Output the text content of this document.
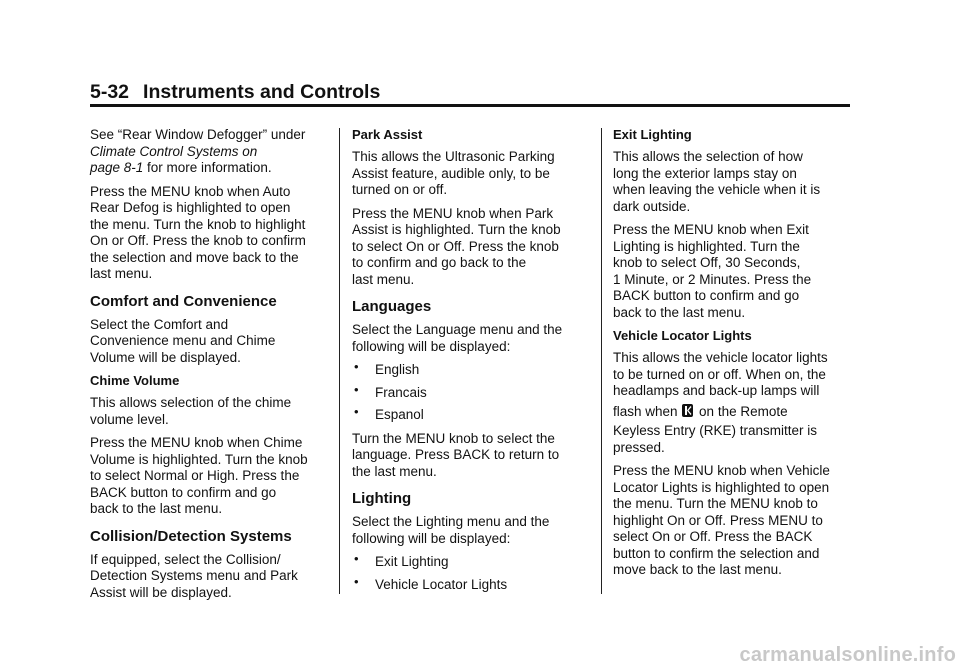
5-32 Instruments and Controls

See “Rear Window Defogger” under
Climate Control Systems on
page 8-1 for more information.

Press the MENU knob when Auto
Rear Defog is highlighted to open
the menu. Turn the knob to highlight
On or Off. Press the knob to confirm
the selection and move back to the
last menu.

Comfort and Convenience

Select the Comfort and
Convenience menu and Chime
Volume will be displayed.

Chime Volume

This allows selection of the chime
volume level.

Press the MENU knob when Chime
Volume is highlighted. Turn the knob
to select Normal or High. Press the
BACK button to confirm and go
back to the last menu.

Collision/Detection Systems

If equipped, select the Collision/
Detection Systems menu and Park
Assist will be displayed.

Park Assist

This allows the Ultrasonic Parking
Assist feature, audible only, to be
turned on or off.

Press the MENU knob when Park
Assist is highlighted. Turn the knob
to select On or Off. Press the knob
to confirm and go back to the
last menu.

Languages

Select the Language menu and the
following will be displayed:

• English
• Francais
• Espanol

Turn the MENU knob to select the
language. Press BACK to return to
the last menu.

Lighting

Select the Lighting menu and the
following will be displayed:

• Exit Lighting
• Vehicle Locator Lights
Exit Lighting

This allows the selection of how
long the exterior lamps stay on
when leaving the vehicle when it is
dark outside.

Press the MENU knob when Exit
Lighting is highlighted. Turn the
knob to select Off, 30 Seconds,
1 Minute, or 2 Minutes. Press the
BACK button to confirm and go
back to the last menu.

Vehicle Locator Lights

This allows the vehicle locator lights
to be turned on or off. When on, the
headlamps and back-up lamps will
flash when
on the Remote
Keyless Entry (RKE) transmitter is
pressed.

Press the MENU knob when Vehicle
Locator Lights is highlighted to open
the menu. Turn the MENU knob to
highlight On or Off. Press MENU to
select On or Off. Press the BACK
button to confirm the selection and
move back to the last menu.

carmanualsonline.info
